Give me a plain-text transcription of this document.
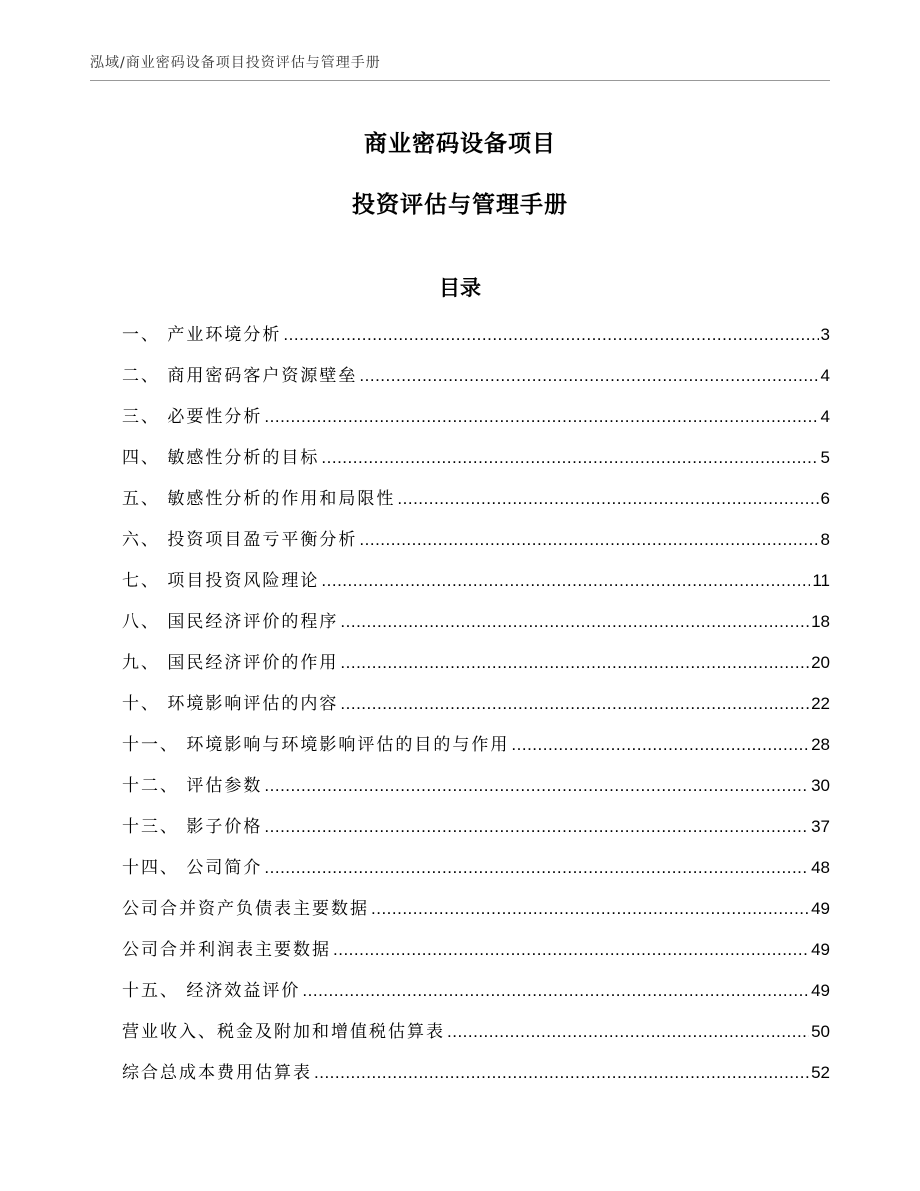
泓域/商业密码设备项目投资评估与管理手册
商业密码设备项目
投资评估与管理手册
目录
一、 产业环境分析 .....	3
二、 商用密码客户资源壁垒 .....	4
三、 必要性分析 .....	4
四、 敏感性分析的目标 .....	5
五、 敏感性分析的作用和局限性 .....	6
六、 投资项目盈亏平衡分析 .....	8
七、 项目投资风险理论 .....	11
八、 国民经济评价的程序 .....	18
九、 国民经济评价的作用 .....	20
十、 环境影响评估的内容 .....	22
十一、 环境影响与环境影响评估的目的与作用 .....	28
十二、 评估参数 .....	30
十三、 影子价格 .....	37
十四、 公司简介 .....	48
公司合并资产负债表主要数据 .....	49
公司合并利润表主要数据 .....	49
十五、 经济效益评价 .....	49
营业收入、税金及附加和增值税估算表 .....	50
综合总成本费用估算表 .....	52
